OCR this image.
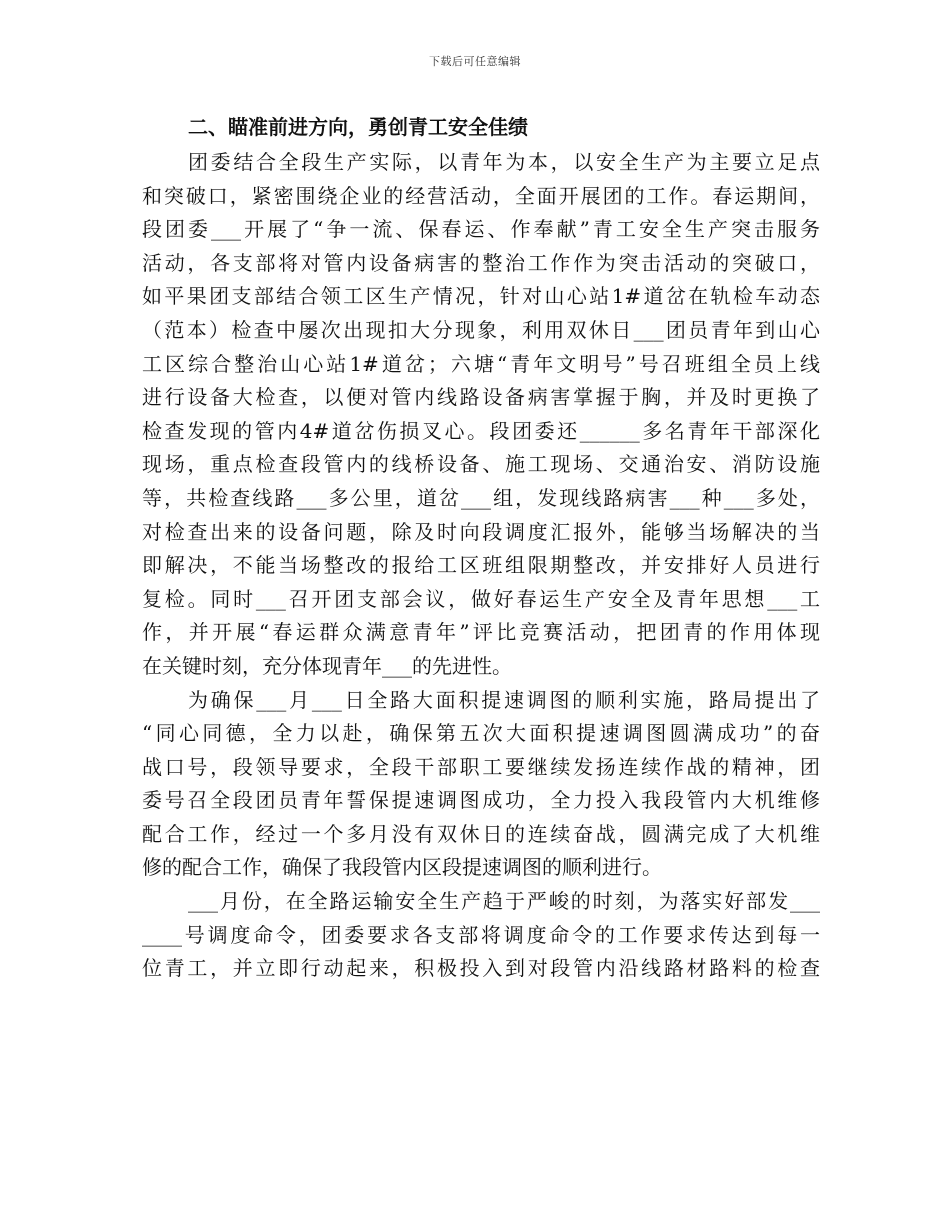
下载后可任意编辑

二、瞄准前进方向，勇创青工安全佳绩

团委结合全段生产实际，以青年为本，以安全生产为主要立足点
和突破口，紧密围绕企业的经营活动，全面开展团的工作。春运期间，
段团委___开展了“争一流、保春运、作奉献”青工安全生产突击服务
活动，各支部将对管内设备病害的整治工作作为突击活动的突破口，
如平果团支部结合领工区生产情况，针对山心站1#道岔在轨检车动态
（范本）检查中屡次出现扣大分现象，利用双休日___团员青年到山心
工区综合整治山心站1#道岔；六塘“青年文明号”号召班组全员上线
进行设备大检查，以便对管内线路设备病害掌握于胸，并及时更换了
检查发现的管内4#道岔伤损叉心。段团委还______多名青年干部深化
现场，重点检查段管内的线桥设备、施工现场、交通治安、消防设施
等，共检查线路___多公里，道岔___组，发现线路病害___种___多处，
对检查出来的设备问题，除及时向段调度汇报外，能够当场解决的当
即解决，不能当场整改的报给工区班组限期整改，并安排好人员进行
复检。同时___召开团支部会议，做好春运生产安全及青年思想___工
作，并开展“春运群众满意青年”评比竞赛活动，把团青的作用体现
在关键时刻，充分体现青年___的先进性。

为确保___月___日全路大面积提速调图的顺利实施，路局提出了
“同心同德，全力以赴，确保第五次大面积提速调图圆满成功”的奋
战口号，段领导要求，全段干部职工要继续发扬连续作战的精神，团
委号召全段团员青年誓保提速调图成功，全力投入我段管内大机维修
配合工作，经过一个多月没有双休日的连续奋战，圆满完成了大机维
修的配合工作，确保了我段管内区段提速调图的顺利进行。

___月份，在全路运输安全生产趋于严峻的时刻，为落实好部发___
____号调度命令，团委要求各支部将调度命令的工作要求传达到每一
位青工，并立即行动起来，积极投入到对段管内沿线路材路料的检查
